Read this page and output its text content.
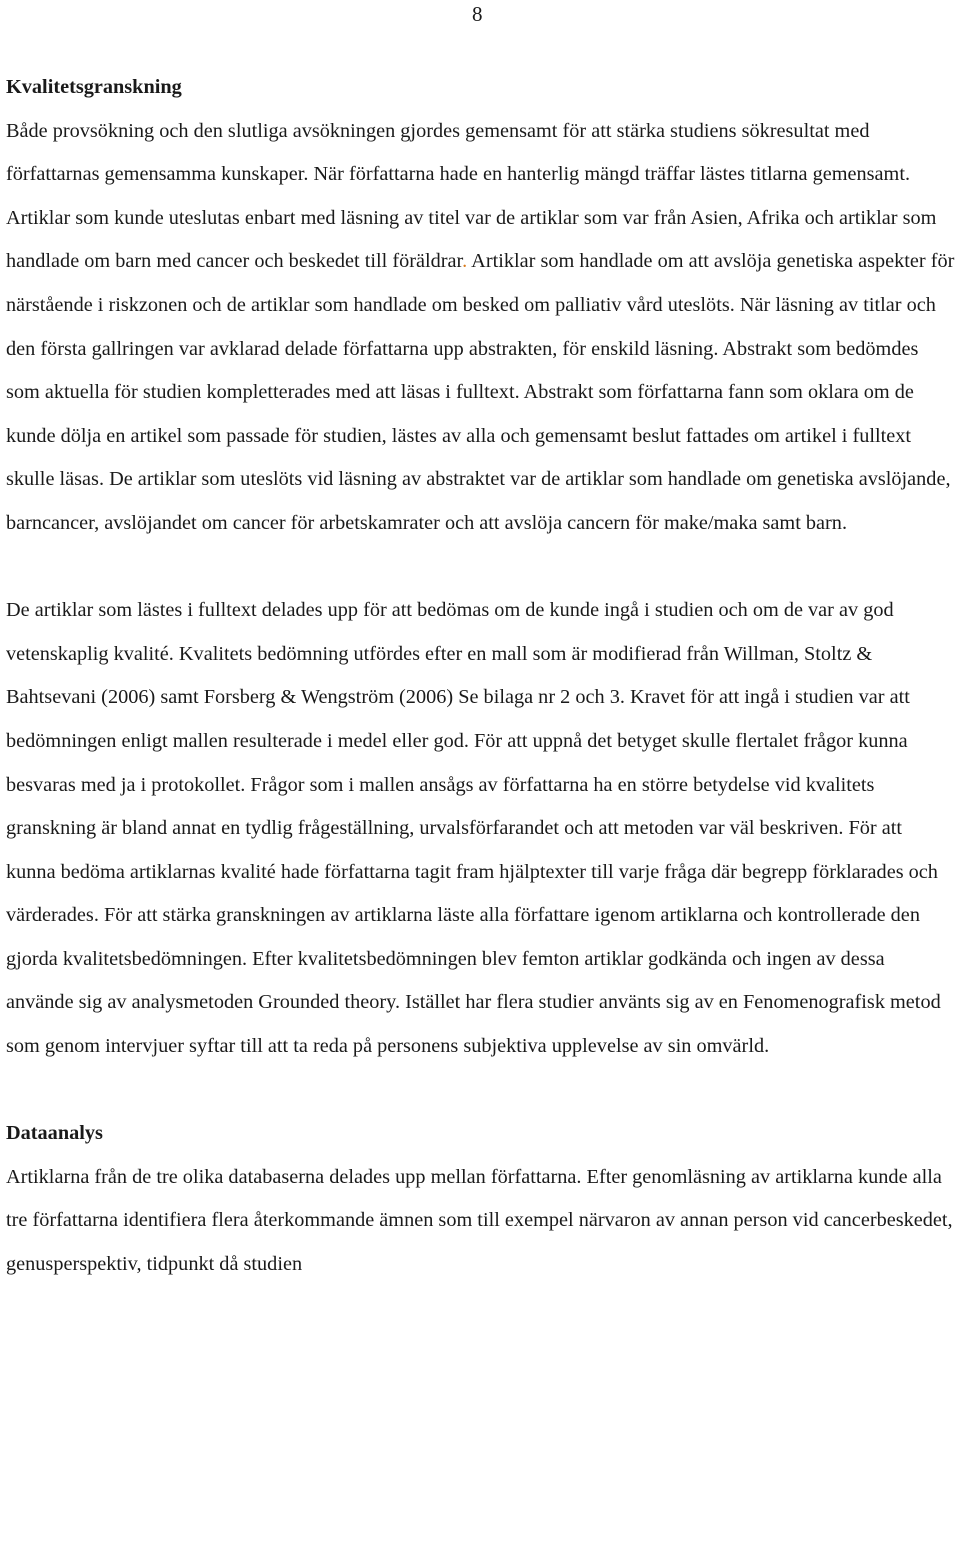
8
Kvalitetsgranskning

Både provsökning och den slutliga avsökningen gjordes gemensamt för att stärka studiens sökresultat med författarnas gemensamma kunskaper. När författarna hade en hanterlig mängd träffar lästes titlarna gemensamt. Artiklar som kunde uteslutas enbart med läsning av titel var de artiklar som var från Asien, Afrika och artiklar som handlade om barn med cancer och beskedet till föräldrar. Artiklar som handlade om att avslöja genetiska aspekter för närstående i riskzonen och de artiklar som handlade om besked om palliativ vård uteslöts. När läsning av titlar och den första gallringen var avklarad delade författarna upp abstrakten, för enskild läsning. Abstrakt som bedömdes som aktuella för studien kompletterades med att läsas i fulltext. Abstrakt som författarna fann som oklara om de kunde dölja en artikel som passade för studien, lästes av alla och gemensamt beslut fattades om artikel i fulltext skulle läsas. De artiklar som uteslöts vid läsning av abstraktet var de artiklar som handlade om genetiska avslöjande, barncancer, avslöjandet om cancer för arbetskamrater och att avslöja cancern för make/maka samt barn.

De artiklar som lästes i fulltext delades upp för att bedömas om de kunde ingå i studien och om de var av god vetenskaplig kvalité. Kvalitets bedömning utfördes efter en mall som är modifierad från Willman, Stoltz & Bahtsevani (2006) samt Forsberg & Wengström (2006) Se bilaga nr 2 och 3. Kravet för att ingå i studien var att bedömningen enligt mallen resulterade i medel eller god. För att uppnå det betyget skulle flertalet frågor kunna besvaras med ja i protokollet. Frågor som i mallen ansågs av författarna ha en större betydelse vid kvalitets granskning är bland annat en tydlig frågeställning, urvalsförfarandet och att metoden var väl beskriven. För att kunna bedöma artiklarnas kvalité hade författarna tagit fram hjälptexter till varje fråga där begrepp förklarades och värderades. För att stärka granskningen av artiklarna läste alla författare igenom artiklarna och kontrollerade den gjorda kvalitetsbedömningen. Efter kvalitetsbedömningen blev femton artiklar godkända och ingen av dessa använde sig av analysmetoden Grounded theory. Istället har flera studier använts sig av en Fenomenografisk metod som genom intervjuer syftar till att ta reda på personens subjektiva upplevelse av sin omvärld.

Dataanalys

Artiklarna från de tre olika databaserna delades upp mellan författarna. Efter genomläsning av artiklarna kunde alla tre författarna identifiera flera återkommande ämnen som till exempel närvaron av annan person vid cancerbeskedet, genusperspektiv, tidpunkt då studien
